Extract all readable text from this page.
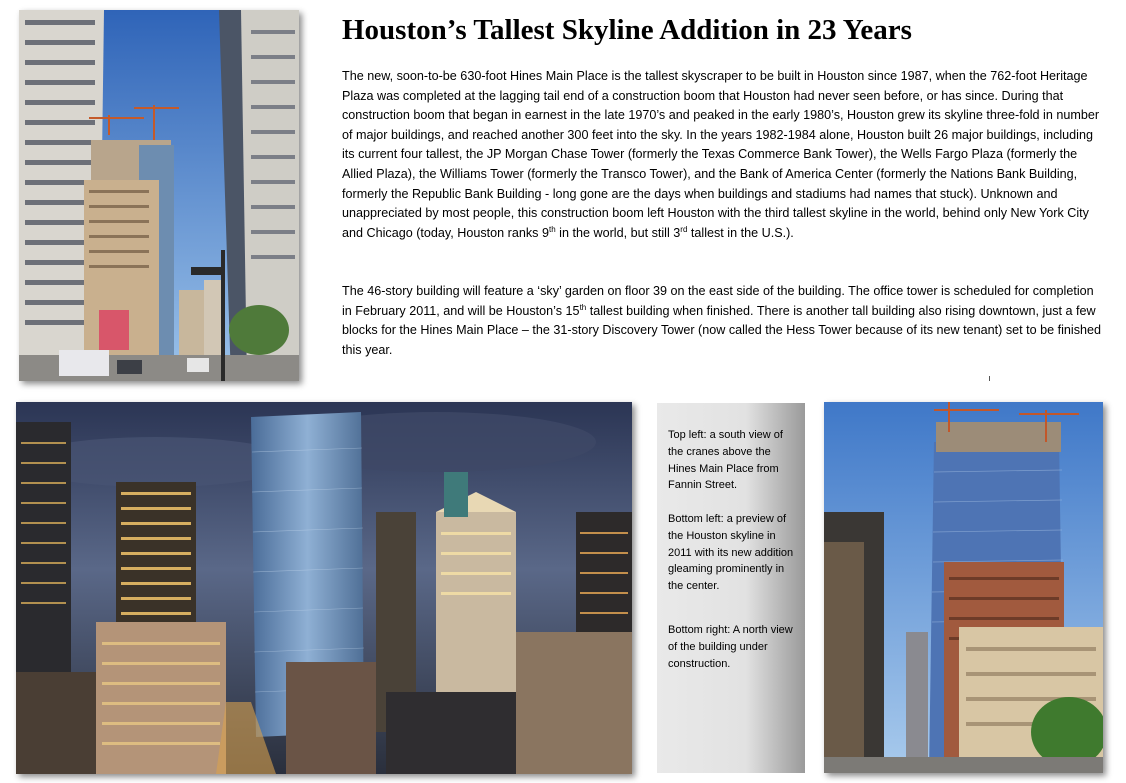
Houston’s Tallest Skyline Addition in 23 Years

The new, soon-to-be 630-foot Hines Main Place is the tallest skyscraper to be built in Houston since 1987, when the 762-foot Heritage Plaza was completed at the lagging tail end of a construction boom that Houston had never seen before, or has since. During that construction boom that began in earnest in the late 1970’s and peaked in the early 1980’s, Houston grew its skyline three-fold in number of major buildings, and reached another 300 feet into the sky. In the years 1982-1984 alone, Houston built 26 major buildings, including its current four tallest, the JP Morgan Chase Tower (formerly the Texas Commerce Bank Tower), the Wells Fargo Plaza (formerly the Allied Plaza), the Williams Tower (formerly the Transco Tower), and the Bank of America Center (formerly the Nations Bank Building, formerly the Republic Bank Building - long gone are the days when buildings and stadiums had names that stuck). Unknown and unappreciated by most people, this construction boom left Houston with the third tallest skyline in the world, behind only New York City and Chicago (today, Houston ranks 9th in the world, but still 3rd tallest in the U.S.).

The 46-story building will feature a ‘sky’ garden on floor 39 on the east side of the building. The office tower is scheduled for completion in February 2011, and will be Houston’s 15th tallest building when finished. There is another tall building also rising downtown, just a few blocks for the Hines Main Place – the 31-story Discovery Tower (now called the Hess Tower because of its new tenant) set to be finished this year.

Top left: a south view of the cranes above the Hines Main Place from Fannin Street.

Bottom left: a preview of the Houston skyline in 2011 with its new addition gleaming prominently in the center.

Bottom right: A north view of the building under construction.
